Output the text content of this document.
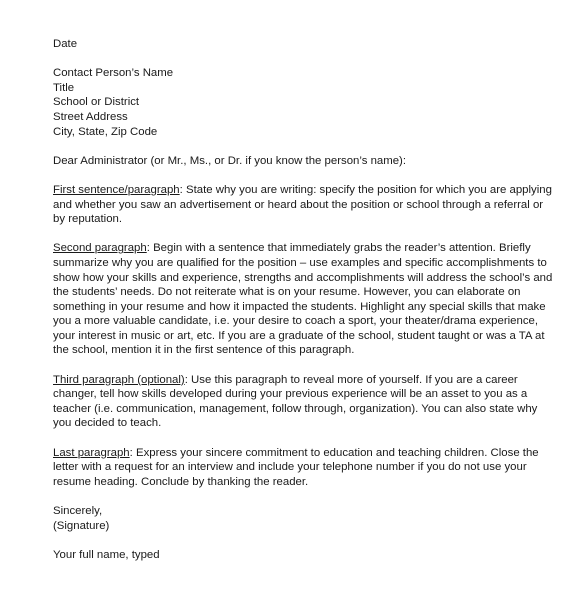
Date
Contact Person’s Name
Title
School or District
Street Address
City, State, Zip Code
Dear Administrator (or Mr., Ms., or Dr. if you know the person’s name):
First sentence/paragraph: State why you are writing: specify the position for which you are applying
and whether you saw an advertisement or heard about the position or school through a referral or
by reputation.
Second paragraph: Begin with a sentence that immediately grabs the reader’s attention. Briefly
summarize why you are qualified for the position – use examples and specific accomplishments to
show how your skills and experience, strengths and accomplishments will address the school’s and
the students’ needs. Do not reiterate what is on your resume. However, you can elaborate on
something in your resume and how it impacted the students. Highlight any special skills that make
you a more valuable candidate, i.e. your desire to coach a sport, your theater/drama experience,
your interest in music or art, etc. If you are a graduate of the school, student taught or was a TA at
the school, mention it in the first sentence of this paragraph.
Third paragraph (optional): Use this paragraph to reveal more of yourself. If you are a career
changer, tell how skills developed during your previous experience will be an asset to you as a
teacher (i.e. communication, management, follow through, organization). You can also state why
you decided to teach.
Last paragraph: Express your sincere commitment to education and teaching children. Close the
letter with a request for an interview and include your telephone number if you do not use your
resume heading. Conclude by thanking the reader.
Sincerely,
(Signature)
Your full name, typed
